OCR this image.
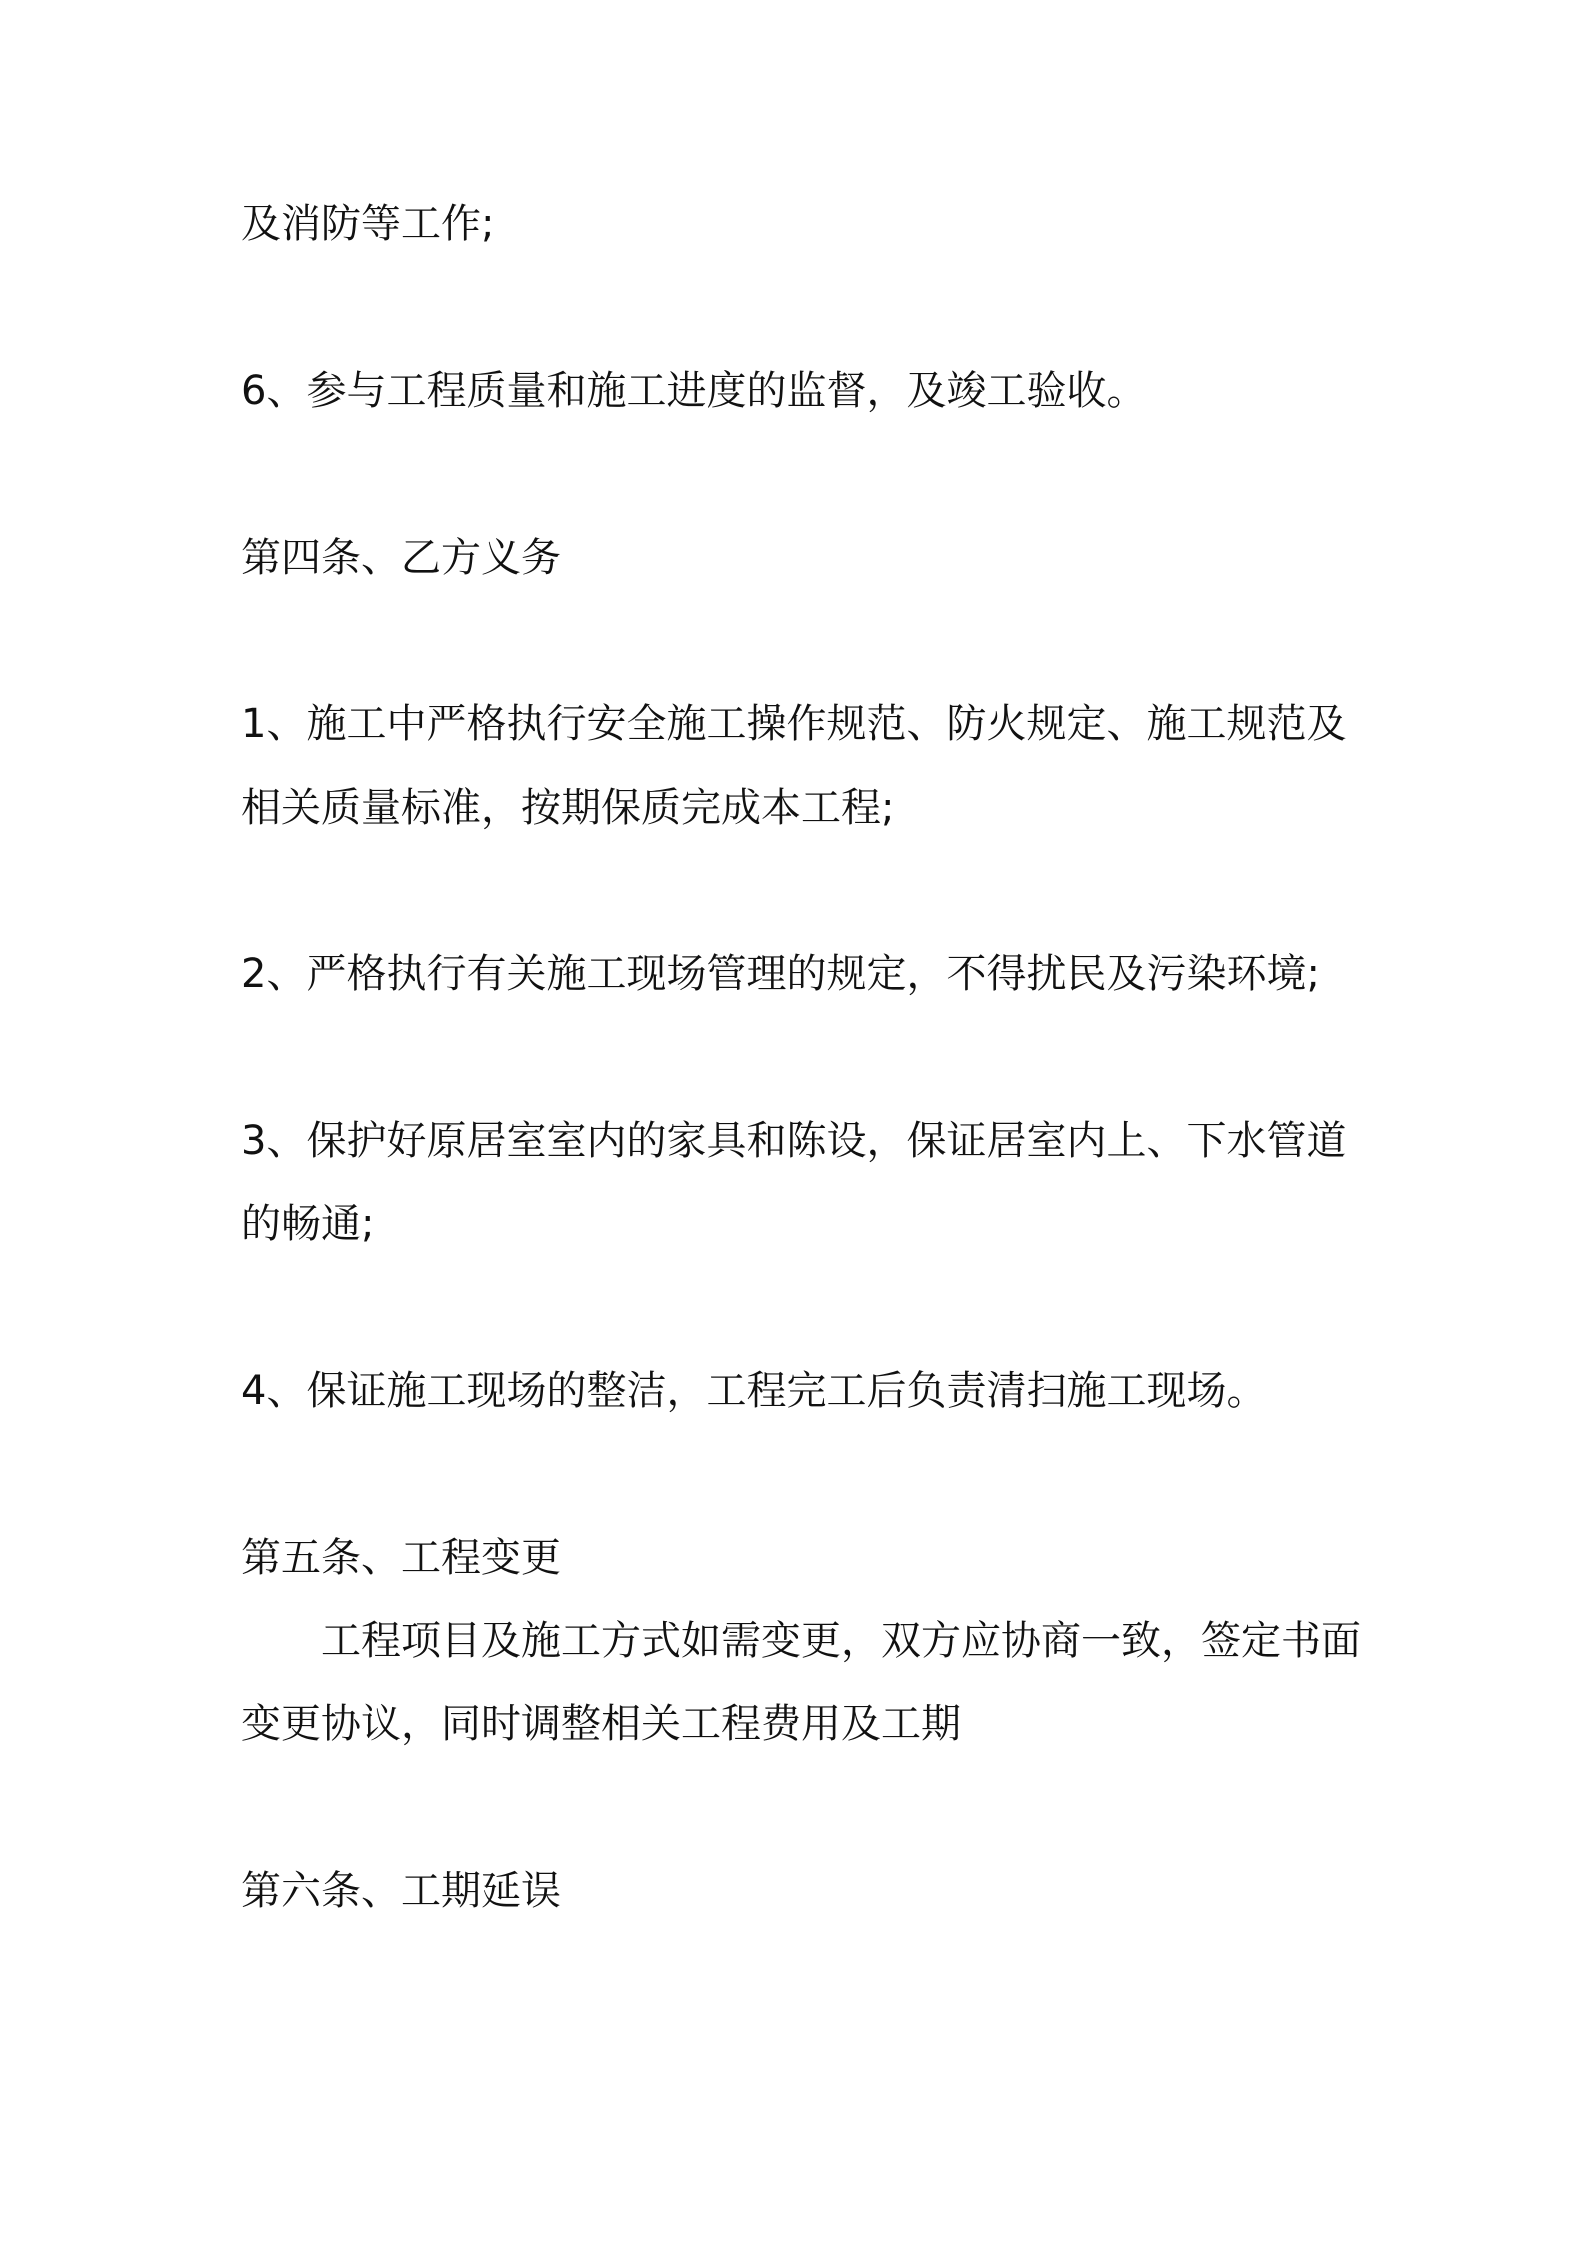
及消防等工作;

6、参与工程质量和施工进度的监督，及竣工验收。

第四条、乙方义务

1、施工中严格执行安全施工操作规范、防火规定、施工规范及

相关质量标准，按期保质完成本工程;

2、严格执行有关施工现场管理的规定，不得扰民及污染环境;

3、保护好原居室室内的家具和陈设，保证居室内上、下水管道

的畅通;

4、保证施工现场的整洁，工程完工后负责清扫施工现场。

第五条、工程变更

工程项目及施工方式如需变更，双方应协商一致，签定书面

变更协议，同时调整相关工程费用及工期

第六条、工期延误
